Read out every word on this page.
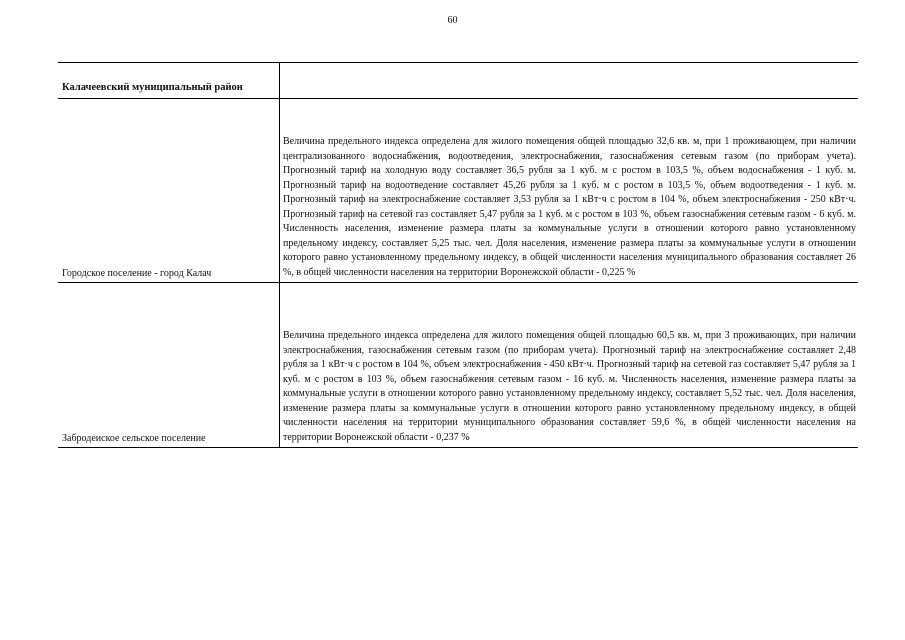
60
Калачеевский муниципальный район	
Городское поселение - город Калач	Величина предельного индекса определена для жилого помещения общей площадью 32,6 кв. м, при 1 проживающем, при наличии централизованного водоснабжения, водоотведения, электроснабжения, газоснабжения сетевым газом (по приборам учета). Прогнозный тариф на холодную воду составляет 36,5 рубля за 1 куб. м с ростом в 103,5 %, объем водоснабжения - 1 куб. м. Прогнозный тариф на водоотведение составляет 45,26 рубля за 1 куб. м с ростом в 103,5 %, объем водоотведения - 1 куб. м. Прогнозный тариф на электроснабжение составляет 3,53 рубля за 1 кВт·ч с ростом в 104 %, объем электроснабжения - 250 кВт·ч. Прогнозный тариф на сетевой газ составляет 5,47 рубля за 1 куб. м с ростом в 103 %, объем газоснабжения сетевым газом - 6 куб. м. Численность населения, изменение размера платы за коммунальные услуги в отношении которого равно установленному предельному индексу, составляет 5,25 тыс. чел. Доля населения, изменение размера платы за коммунальные услуги в отношении которого равно установленному предельному индексу, в общей численности населения муниципального образования составляет 26 %, в общей численности населения на территории Воронежской области - 0,225 %
Забродеиское сельское поселение	Величина предельного индекса определена для жилого помещения общей площадью 60,5 кв. м, при 3 проживающих, при наличии электроснабжения, газоснабжения сетевым газом (по приборам учета). Прогнозный тариф на электроснабжение составляет 2,48 рубля за 1 кВт·ч с ростом в 104 %, объем электроснабжения - 450 кВт·ч. Прогнозный тариф на сетевой газ составляет 5,47 рубля за 1 куб. м с ростом в 103 %, объем газоснабжения сетевым газом - 16 куб. м. Численность населения, изменение размера платы за коммунальные услуги в отношении которого равно установленному предельному индексу, составляет 5,52 тыс. чел. Доля населения, изменение размера платы за коммунальные услуги в отношении которого равно установленному предельному индексу, в общей численности населения на территории муниципального образования составляет 59,6 %, в общей численности населения на территории Воронежской области - 0,237 %
